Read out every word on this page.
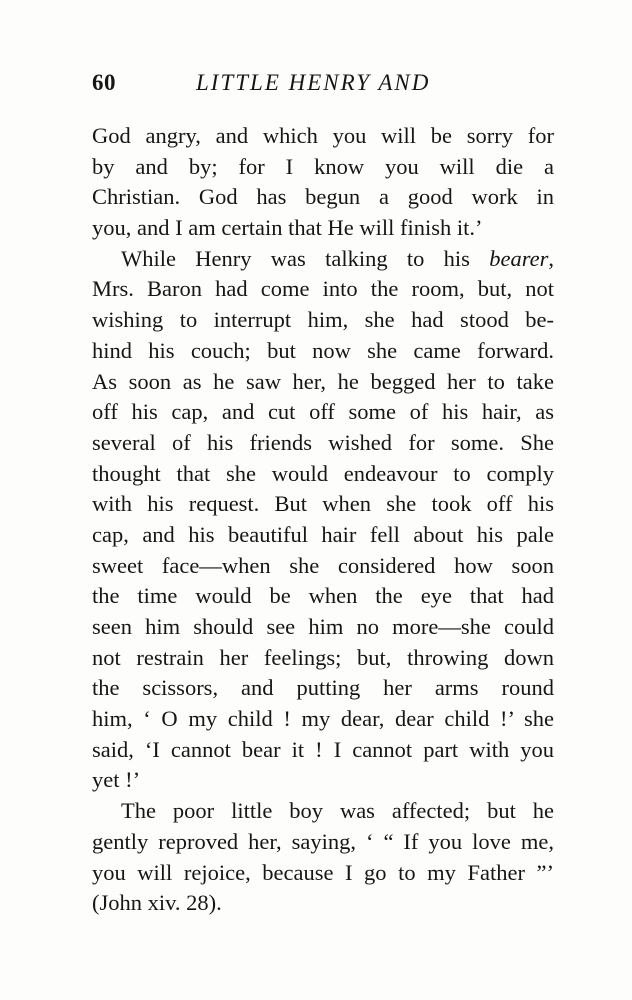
60	LITTLE HENRY AND
God angry, and which you will be sorry for
by and by; for I know you will die a
Christian. God has begun a good work in
you, and I am certain that He will finish it.’
While Henry was talking to his bearer,
Mrs. Baron had come into the room, but, not
wishing to interrupt him, she had stood be-
hind his couch; but now she came forward.
As soon as he saw her, he begged her to take
off his cap, and cut off some of his hair, as
several of his friends wished for some. She
thought that she would endeavour to comply
with his request. But when she took off his
cap, and his beautiful hair fell about his pale
sweet face—when she considered how soon
the time would be when the eye that had
seen him should see him no more—she could
not restrain her feelings; but, throwing down
the scissors, and putting her arms round
him, ‘ O my child ! my dear, dear child !’ she
said, ‘I cannot bear it ! I cannot part with you
yet !’
The poor little boy was affected; but he
gently reproved her, saying, ‘ “ If you love me,
you will rejoice, because I go to my Father ”’
(John xiv. 28).
